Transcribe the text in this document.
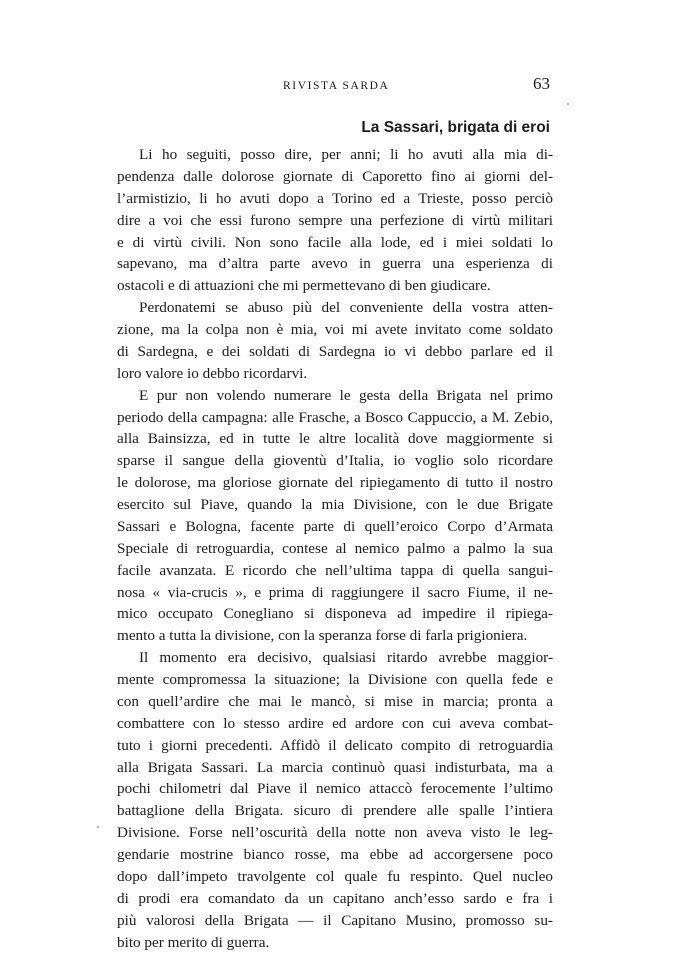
RIVISTA SARDA	63
La Sassari, brigata di eroi
Li ho seguiti, posso dire, per anni; li ho avuti alla mia di-
pendenza dalle dolorose giornate di Caporetto fino ai giorni del-
l’armistizio, li ho avuti dopo a Torino ed a Trieste, posso perciò
dire a voi che essi furono sempre una perfezione di virtù militari
e di virtù civili. Non sono facile alla lode, ed i miei soldati lo
sapevano, ma d’altra parte avevo in guerra una esperienza di
ostacoli e di attuazioni che mi permettevano di ben giudicare.
Perdonatemi se abuso più del conveniente della vostra atten-
zione, ma la colpa non è mia, voi mi avete invitato come soldato
di Sardegna, e dei soldati di Sardegna io vi debbo parlare ed il
loro valore io debbo ricordarvi.
E pur non volendo numerare le gesta della Brigata nel primo
periodo della campagna: alle Frasche, a Bosco Cappuccio, a M. Zebio,
alla Bainsizza, ed in tutte le altre località dove maggiormente si
sparse il sangue della gioventù d’Italia, io voglio solo ricordare
le dolorose, ma gloriose giornate del ripiegamento di tutto il nostro
esercito sul Piave, quando la mia Divisione, con le due Brigate
Sassari e Bologna, facente parte di quell’eroico Corpo d’Armata
Speciale di retroguardia, contese al nemico palmo a palmo la sua
facile avanzata. E ricordo che nell’ultima tappa di quella sangui-
nosa « via-crucis », e prima di raggiungere il sacro Fiume, il ne-
mico occupato Conegliano si disponeva ad impedire il ripiega-
mento a tutta la divisione, con la speranza forse di farla prigioniera.
Il momento era decisivo, qualsiasi ritardo avrebbe maggior-
mente compromessa la situazione; la Divisione con quella fede e
con quell’ardire che mai le mancò, si mise in marcia; pronta a
combattere con lo stesso ardire ed ardore con cui aveva combat-
tuto i giorni precedenti. Affidò il delicato compito di retroguardia
alla Brigata Sassari. La marcia continuò quasi indisturbata, ma a
pochi chilometri dal Piave il nemico attaccò ferocemente l’ultimo
battaglione della Brigata. sicuro di prendere alle spalle l’intiera
Divisione. Forse nell’oscurità della notte non aveva visto le leg-
gendarie mostrine bianco rosse, ma ebbe ad accorgersene poco
dopo dall’impeto travolgente col quale fu respinto. Quel nucleo
di prodi era comandato da un capitano anch’esso sardo e fra i
più valorosi della Brigata — il Capitano Musino, promosso su-
bito per merito di guerra.
